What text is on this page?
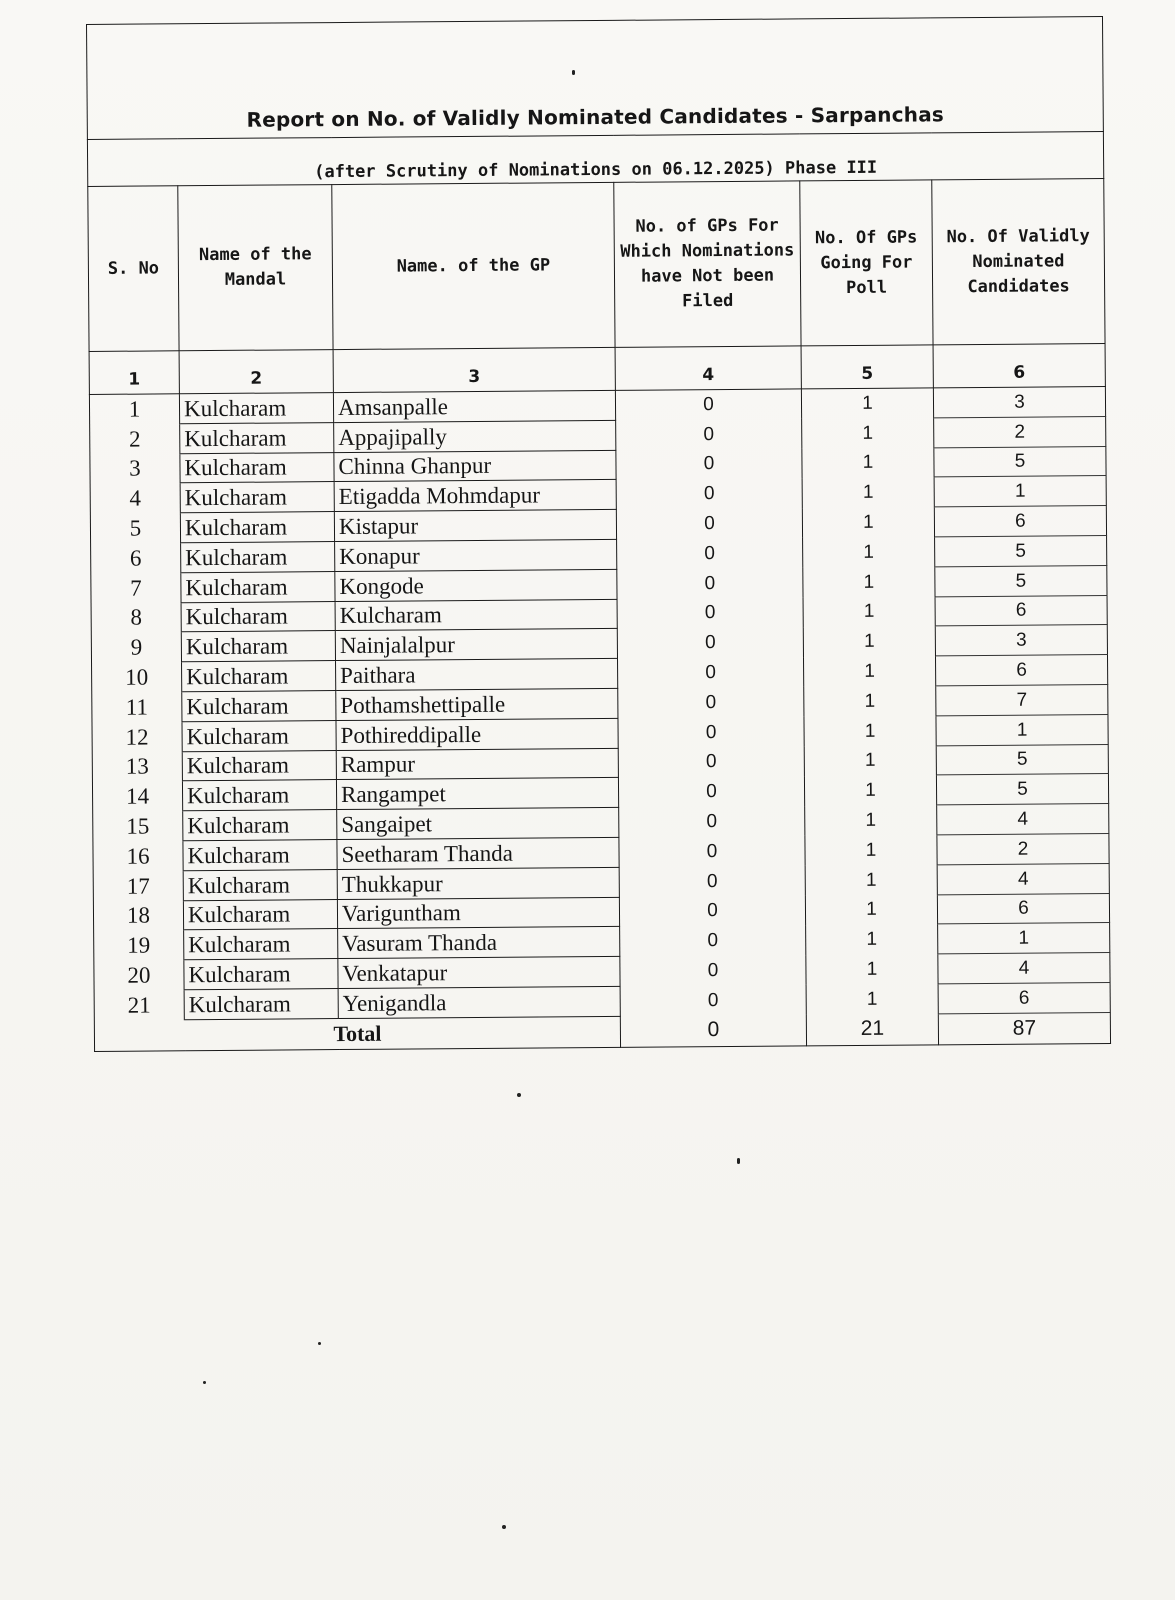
Report on No. of Validly Nominated Candidates - Sarpanchas					
(after Scrutiny of Nominations on 06.12.2025) Phase III					
S. No	Name of the Mandal	Name. of the GP	No. of GPs For Which Nominations have Not been Filed	No. Of GPs Going For Poll	No. Of Validly Nominated Candidates
1	2	3	4	5	6
1	Kulcharam	Amsanpalle	0	1	3
2	Kulcharam	Appajipally	0	1	2
3	Kulcharam	Chinna Ghanpur	0	1	5
4	Kulcharam	Etigadda Mohmdapur	0	1	1
5	Kulcharam	Kistapur	0	1	6
6	Kulcharam	Konapur	0	1	5
7	Kulcharam	Kongode	0	1	5
8	Kulcharam	Kulcharam	0	1	6
9	Kulcharam	Nainjalalpur	0	1	3
10	Kulcharam	Paithara	0	1	6
11	Kulcharam	Pothamshettipalle	0	1	7
12	Kulcharam	Pothireddipalle	0	1	1
13	Kulcharam	Rampur	0	1	5
14	Kulcharam	Rangampet	0	1	5
15	Kulcharam	Sangaipet	0	1	4
16	Kulcharam	Seetharam Thanda	0	1	2
17	Kulcharam	Thukkapur	0	1	4
18	Kulcharam	Variguntham	0	1	6
19	Kulcharam	Vasuram Thanda	0	1	1
20	Kulcharam	Venkatapur	0	1	4
21	Kulcharam	Yenigandla	0	1	6
Total			0	21	87
